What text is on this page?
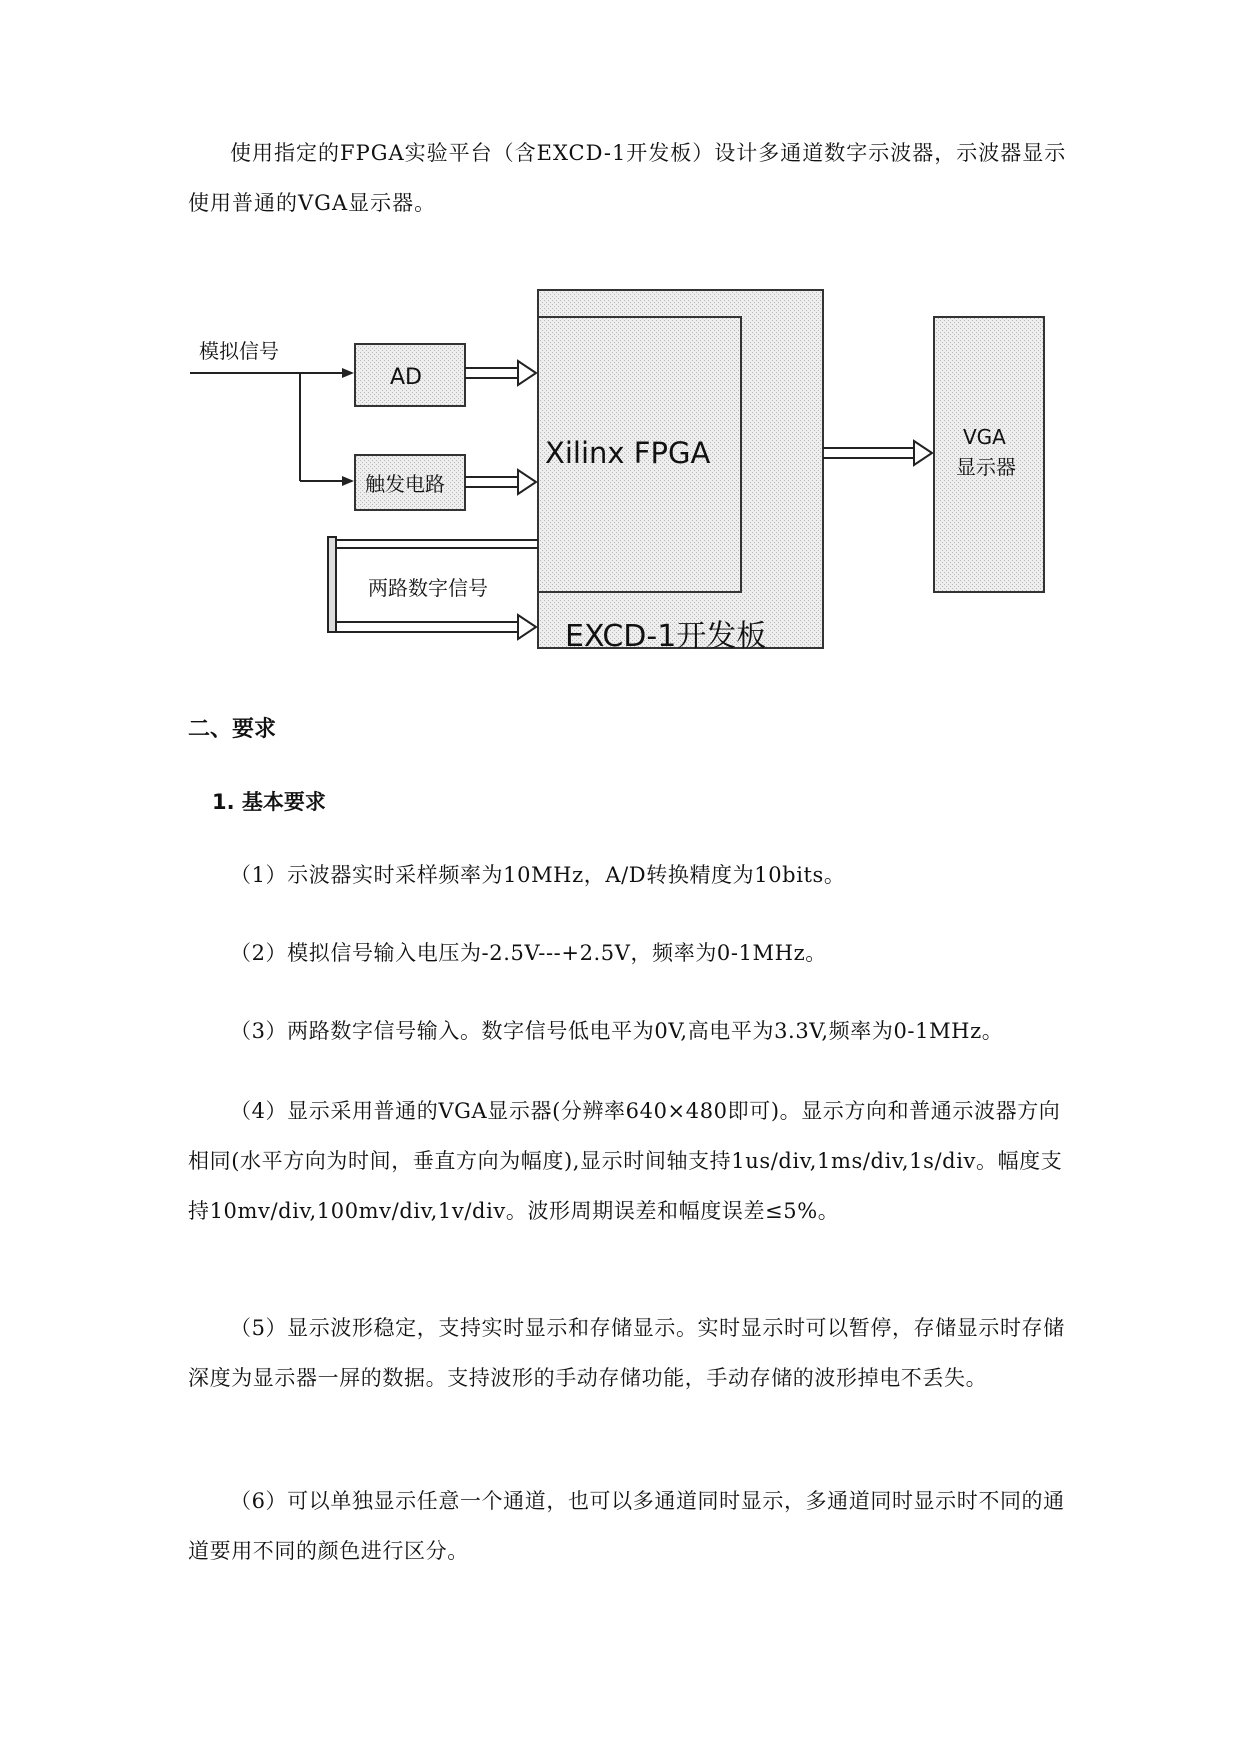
使用指定的FPGA实验平台（含EXCD-1开发板）设计多通道数字示波器，示波器显示使用普通的VGA显示器。

Xilinx FPGA
EXCD-1开发板
模拟信号
AD
触发电路
两路数字信号
VGA
显示器
二、要求
1. 基本要求

（1）示波器实时采样频率为10MHz，A/D转换精度为10bits。

（2）模拟信号输入电压为-2.5V---+2.5V，频率为0-1MHz。

（3）两路数字信号输入。数字信号低电平为0V,高电平为3.3V,频率为0-1MHz。

（4）显示采用普通的VGA显示器(分辨率640×480即可)。显示方向和普通示波器方向相同(水平方向为时间，垂直方向为幅度),显示时间轴支持1us/div,1ms/div,1s/div。幅度支持10mv/div,100mv/div,1v/div。波形周期误差和幅度误差≤5%。

（5）显示波形稳定，支持实时显示和存储显示。实时显示时可以暂停，存储显示时存储深度为显示器一屏的数据。支持波形的手动存储功能，手动存储的波形掉电不丢失。

（6）可以单独显示任意一个通道，也可以多通道同时显示，多通道同时显示时不同的通道要用不同的颜色进行区分。
